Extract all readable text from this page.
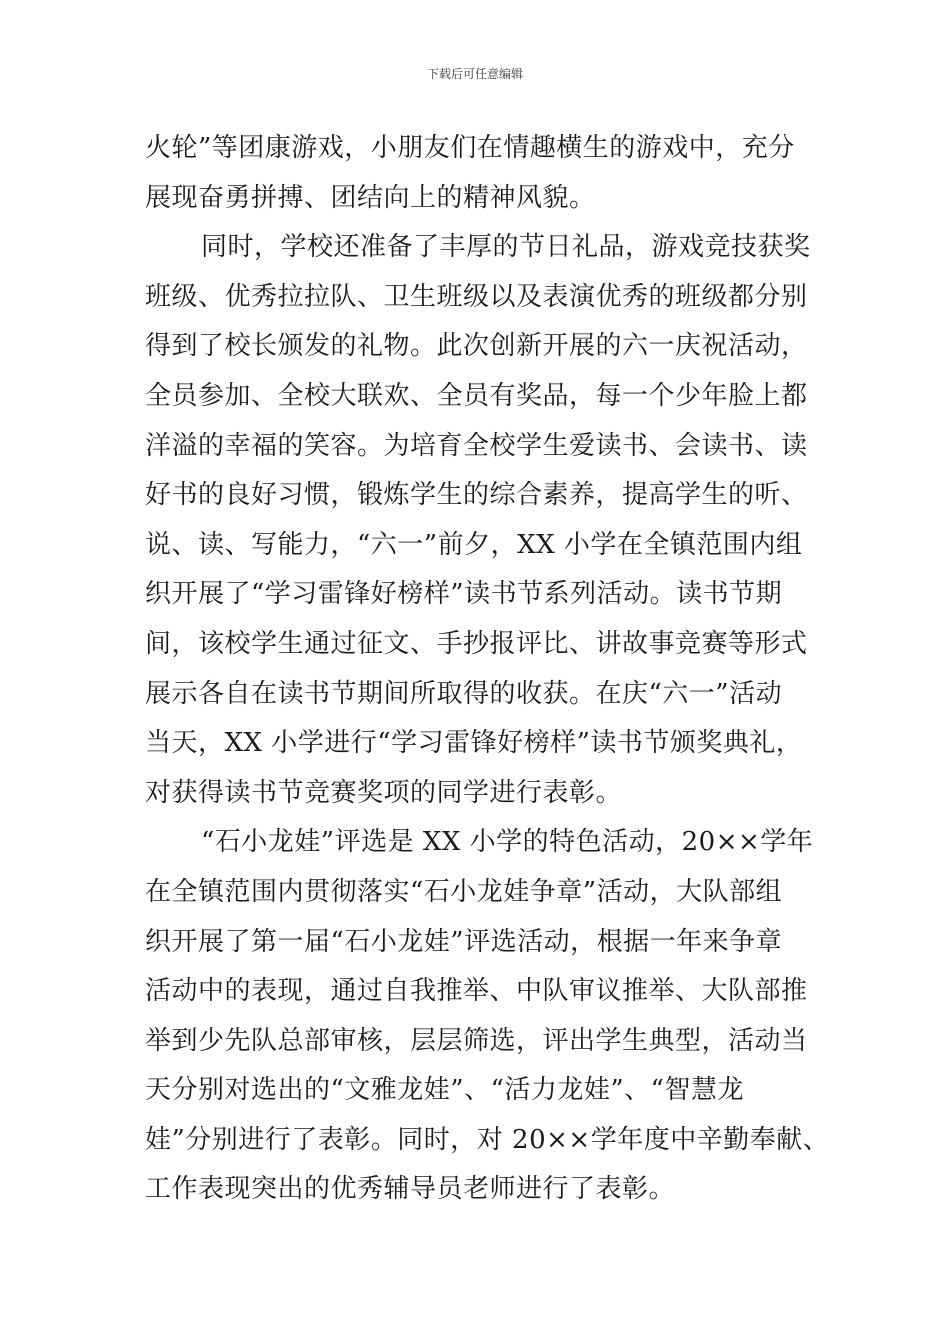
下载后可任意编辑
火轮”等团康游戏，小朋友们在情趣横生的游戏中，充分
展现奋勇拼搏、团结向上的精神风貌。
同时，学校还准备了丰厚的节日礼品，游戏竞技获奖
班级、优秀拉拉队、卫生班级以及表演优秀的班级都分别
得到了校长颁发的礼物。此次创新开展的六一庆祝活动，
全员参加、全校大联欢、全员有奖品，每一个少年脸上都
洋溢的幸福的笑容。为培育全校学生爱读书、会读书、读
好书的良好习惯，锻炼学生的综合素养，提高学生的听、
说、读、写能力，“六一”前夕，XX 小学在全镇范围内组
织开展了“学习雷锋好榜样”读书节系列活动。读书节期
间，该校学生通过征文、手抄报评比、讲故事竞赛等形式
展示各自在读书节期间所取得的收获。在庆“六一”活动
当天，XX 小学进行“学习雷锋好榜样”读书节颁奖典礼，
对获得读书节竞赛奖项的同学进行表彰。
“石小龙娃”评选是 XX 小学的特色活动，20××学年
在全镇范围内贯彻落实“石小龙娃争章”活动，大队部组
织开展了第一届“石小龙娃”评选活动，根据一年来争章
活动中的表现，通过自我推举、中队审议推举、大队部推
举到少先队总部审核，层层筛选，评出学生典型，活动当
天分别对选出的“文雅龙娃”、“活力龙娃”、“智慧龙
娃”分别进行了表彰。同时，对 20××学年度中辛勤奉献、
工作表现突出的优秀辅导员老师进行了表彰。
